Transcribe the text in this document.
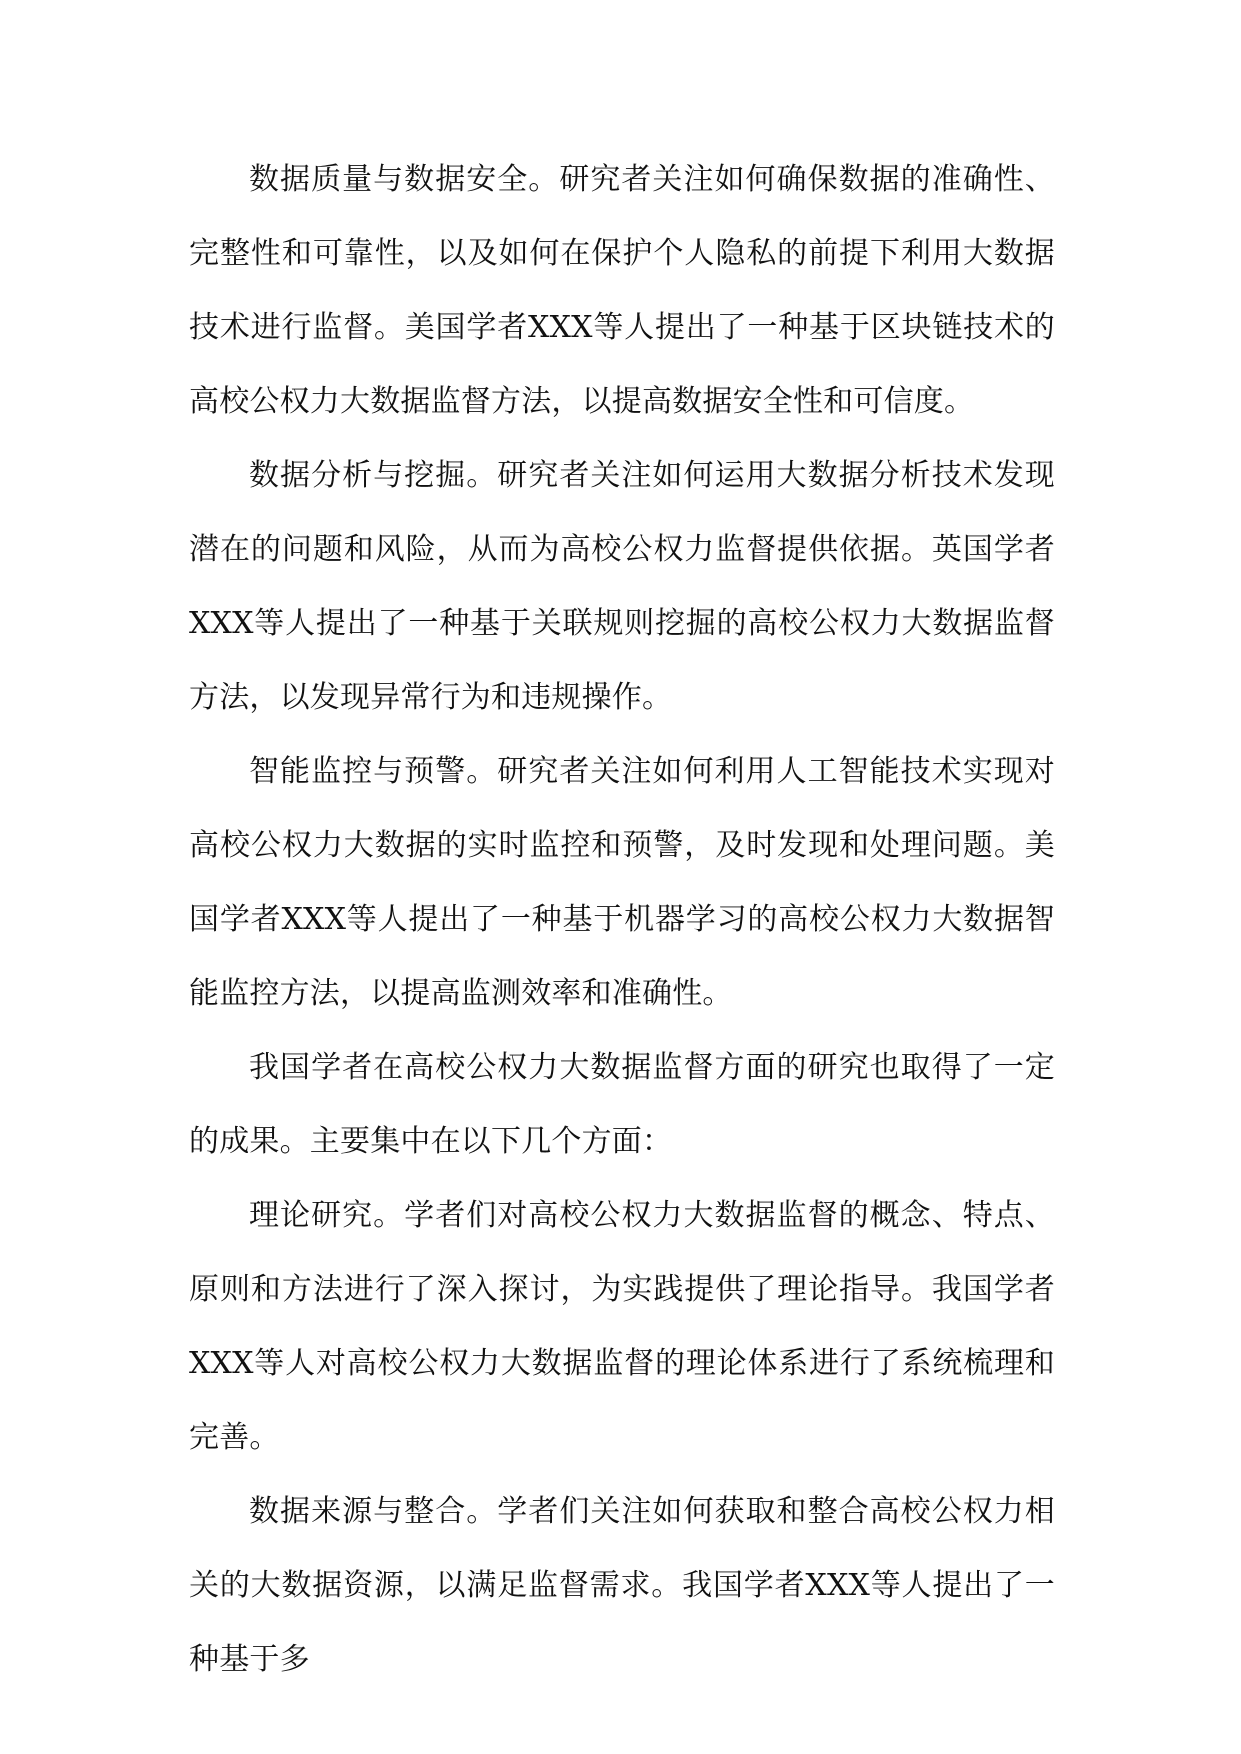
数据质量与数据安全。研究者关注如何确保数据的准确性、完整性和可靠性，以及如何在保护个人隐私的前提下利用大数据技术进行监督。美国学者XXX等人提出了一种基于区块链技术的高校公权力大数据监督方法，以提高数据安全性和可信度。

数据分析与挖掘。研究者关注如何运用大数据分析技术发现潜在的问题和风险，从而为高校公权力监督提供依据。英国学者XXX等人提出了一种基于关联规则挖掘的高校公权力大数据监督方法，以发现异常行为和违规操作。

智能监控与预警。研究者关注如何利用人工智能技术实现对高校公权力大数据的实时监控和预警，及时发现和处理问题。美国学者XXX等人提出了一种基于机器学习的高校公权力大数据智能监控方法，以提高监测效率和准确性。

我国学者在高校公权力大数据监督方面的研究也取得了一定的成果。主要集中在以下几个方面：

理论研究。学者们对高校公权力大数据监督的概念、特点、原则和方法进行了深入探讨，为实践提供了理论指导。我国学者XXX等人对高校公权力大数据监督的理论体系进行了系统梳理和完善。

数据来源与整合。学者们关注如何获取和整合高校公权力相关的大数据资源，以满足监督需求。我国学者XXX等人提出了一种基于多
